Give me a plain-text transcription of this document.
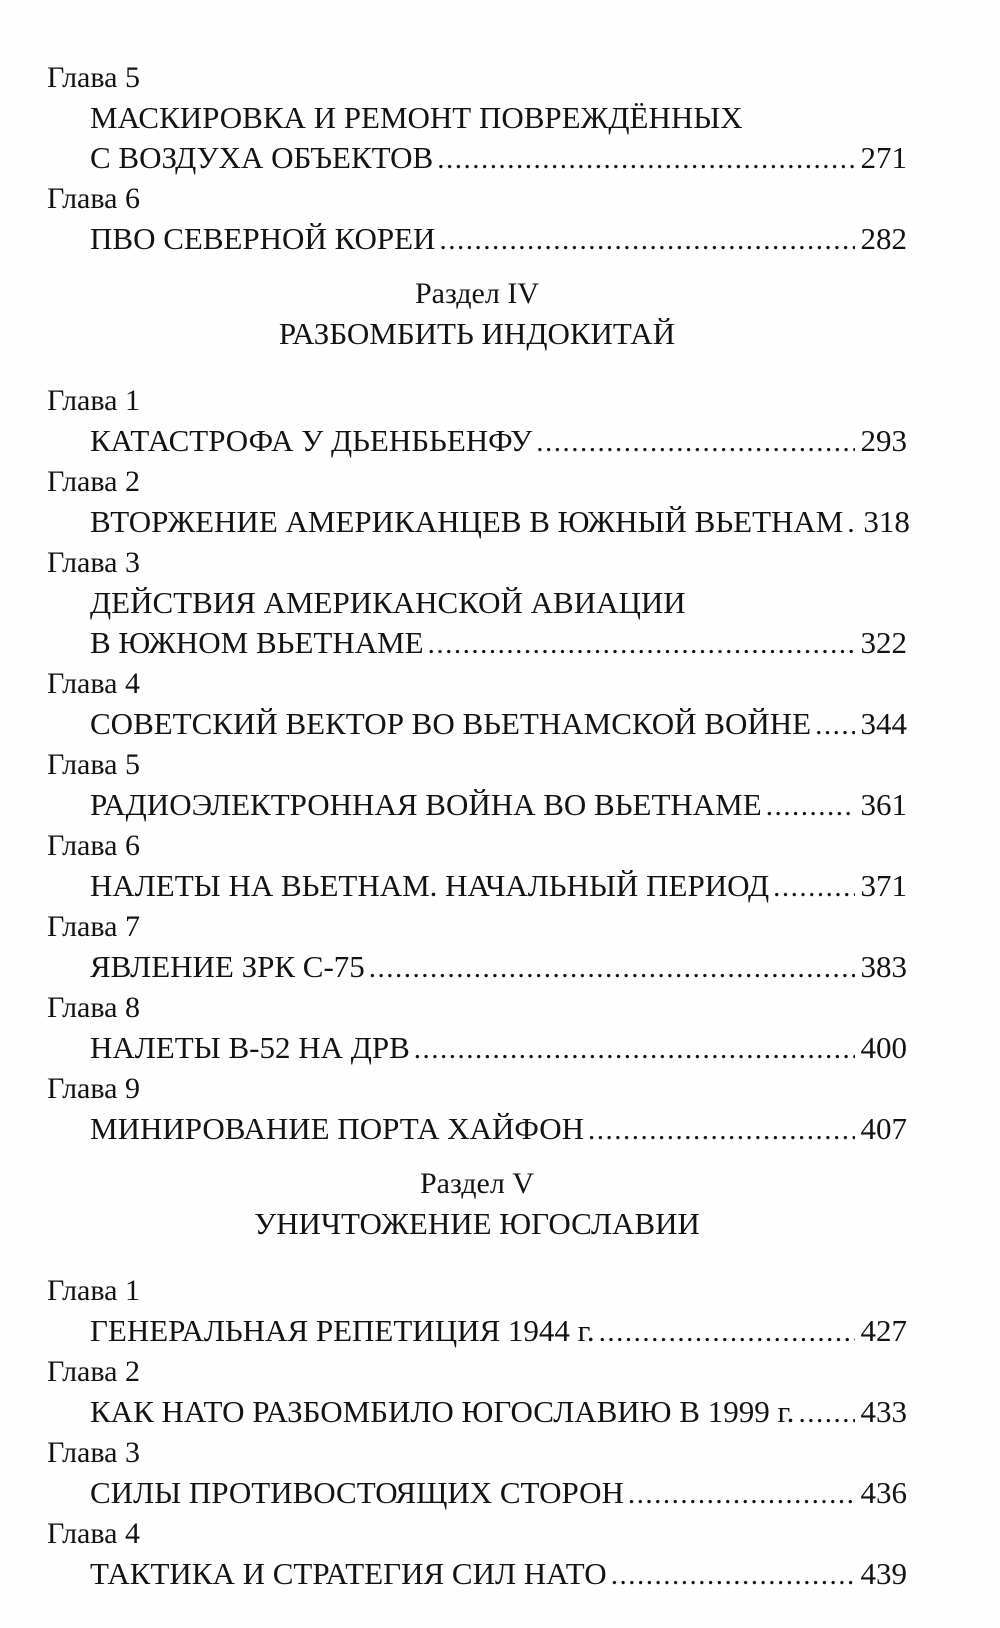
Глава 5
МАСКИРОВКА И РЕМОНТ ПОВРЕЖДЁННЫХ
С ВОЗДУХА ОБЪЕКТОВ .....	271
Глава 6
ПВО СЕВЕРНОЙ КОРЕИ .....	282
Раздел IV
РАЗБОМБИТЬ ИНДОКИТАЙ
Глава 1
КАТАСТРОФА У ДЬЕНБЬЕНФУ .....	293
Глава 2
ВТОРЖЕНИЕ АМЕРИКАНЦЕВ В ЮЖНЫЙ ВЬЕТНАМ ..... 318
Глава 3
ДЕЙСТВИЯ АМЕРИКАНСКОЙ АВИАЦИИ
В ЮЖНОМ ВЬЕТНАМЕ .....	322
Глава 4
СОВЕТСКИЙ ВЕКТОР ВО ВЬЕТНАМСКОЙ ВОЙНЕ ..... 344
Глава 5
РАДИОЭЛЕКТРОННАЯ ВОЙНА ВО ВЬЕТНАМЕ .....	361
Глава 6
НАЛЕТЫ НА ВЬЕТНАМ. НАЧАЛЬНЫЙ ПЕРИОД .....	371
Глава 7
ЯВЛЕНИЕ ЗРК С-75 .....	383
Глава 8
НАЛЕТЫ В-52 НА ДРВ .....	400
Глава 9
МИНИРОВАНИЕ ПОРТА ХАЙФОН .....	407
Раздел V
УНИЧТОЖЕНИЕ ЮГОСЛАВИИ
Глава 1
ГЕНЕРАЛЬНАЯ РЕПЕТИЦИЯ 1944 г. .....	427
Глава 2
КАК НАТО РАЗБОМБИЛО ЮГОСЛАВИЮ В 1999 г. ..... 433
Глава 3
СИЛЫ ПРОТИВОСТОЯЩИХ СТОРОН .....	436
Глава 4
ТАКТИКА И СТРАТЕГИЯ СИЛ НАТО .....	439
